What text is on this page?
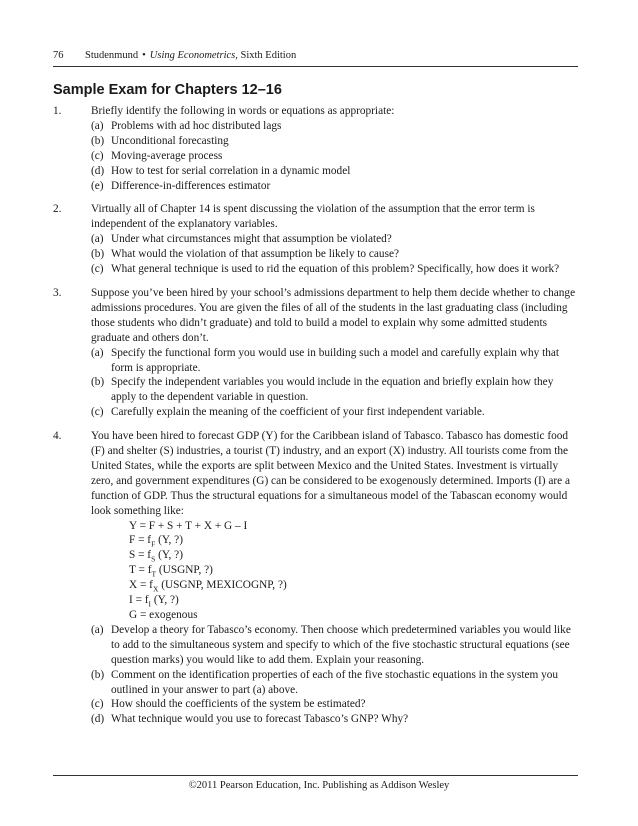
76 Studenmund • Using Econometrics, Sixth Edition
Sample Exam for Chapters 12–16
1.	Briefly identify the following in words or equations as appropriate:
(a) Problems with ad hoc distributed lags
(b) Unconditional forecasting
(c) Moving-average process
(d) How to test for serial correlation in a dynamic model
(e) Difference-in-differences estimator
2.	Virtually all of Chapter 14 is spent discussing the violation of the assumption that the error term is independent of the explanatory variables.
(a) Under what circumstances might that assumption be violated?
(b) What would the violation of that assumption be likely to cause?
(c) What general technique is used to rid the equation of this problem? Specifically, how does it work?
3.	Suppose you’ve been hired by your school’s admissions department to help them decide whether to change admissions procedures. You are given the files of all of the students in the last graduating class (including those students who didn’t graduate) and told to build a model to explain why some admitted students graduate and others don’t.
(a) Specify the functional form you would use in building such a model and carefully explain why that form is appropriate.
(b) Specify the independent variables you would include in the equation and briefly explain how they apply to the dependent variable in question.
(c) Carefully explain the meaning of the coefficient of your first independent variable.
4.	You have been hired to forecast GDP (Y) for the Caribbean island of Tabasco. Tabasco has domestic food (F) and shelter (S) industries, a tourist (T) industry, and an export (X) industry. All tourists come from the United States, while the exports are split between Mexico and the United States. Investment is virtually zero, and government expenditures (G) can be considered to be exogenously determined. Imports (I) are a function of GDP. Thus the structural equations for a simultaneous model of the Tabascan economy would look something like:
Y = F + S + T + X + G – I
$F = f_F$ (Y, ?)
$S = f_S$ (Y, ?)
$T = f_T$ (USGNP, ?)
$X = f_X$ (USGNP, MEXICOGNP, ?)
$I = f_I$ (Y, ?)
G = exogenous
(a) Develop a theory for Tabasco’s economy. Then choose which predetermined variables you would like to add to the simultaneous system and specify to which of the five stochastic structural equations (see question marks) you would like to add them. Explain your reasoning.
(b) Comment on the identification properties of each of the five stochastic equations in the system you outlined in your answer to part (a) above.
(c) How should the coefficients of the system be estimated?
(d) What technique would you use to forecast Tabasco’s GNP? Why?
©2011 Pearson Education, Inc. Publishing as Addison Wesley
